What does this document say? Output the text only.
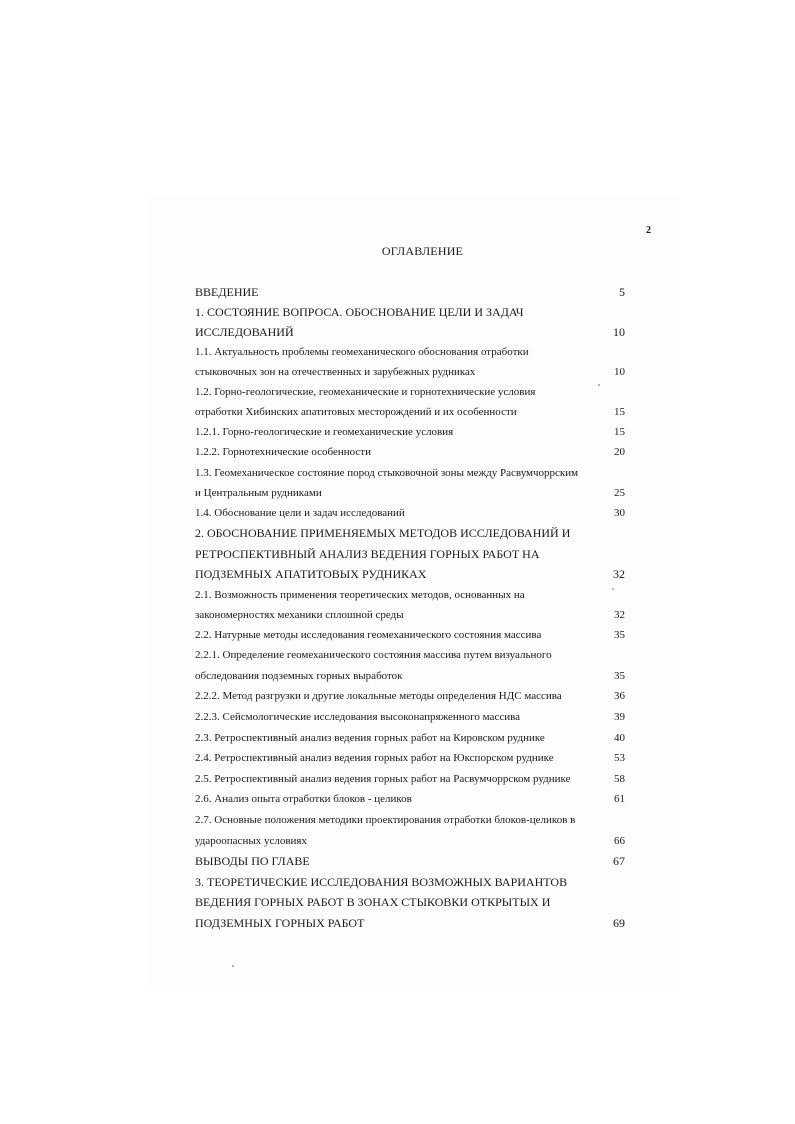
2
ОГЛАВЛЕНИЕ
ВВЕДЕНИЕ	5
1. СОСТОЯНИЕ ВОПРОСА. ОБОСНОВАНИЕ ЦЕЛИ И ЗАДАЧ
ИССЛЕДОВАНИЙ	10
1.1. Актуальность проблемы геомеханического обоснования отработки
стыковочных зон на отечественных и зарубежных рудниках	10
1.2. Горно-геологические, геомеханические и горнотехнические условия
отработки Хибинских апатитовых месторождений и их особенности	15
1.2.1. Горно-геологические и геомеханические условия	15
1.2.2. Горнотехнические особенности	20
1.3. Геомеханическое состояние пород стыковочной зоны между Расвумчоррским
и Центральным рудниками	25
1.4. Обоснование цели и задач исследований	30
2. ОБОСНОВАНИЕ ПРИМЕНЯЕМЫХ МЕТОДОВ ИССЛЕДОВАНИЙ И
РЕТРОСПЕКТИВНЫЙ АНАЛИЗ ВЕДЕНИЯ ГОРНЫХ РАБОТ НА
ПОДЗЕМНЫХ АПАТИТОВЫХ РУДНИКАХ	32
2.1. Возможность применения теоретических методов, основанных на
закономерностях механики сплошной среды	32
2.2. Натурные методы исследования геомеханического состояния массива	35
2.2.1. Определение геомеханического состояния массива путем визуального
обследования подземных горных выработок	35
2.2.2. Метод разгрузки и другие локальные методы определения НДС массива	36
2.2.3. Сейсмологические исследования высоконапряженного массива	39
2.3. Ретроспективный анализ ведения горных работ на Кировском руднике	40
2.4. Ретроспективный анализ ведения горных работ на Юкспорском руднике	53
2.5. Ретроспективный анализ ведения горных работ на Расвумчоррском руднике	58
2.6. Анализ опыта отработки блоков - целиков	61
2.7. Основные положения методики проектирования отработки блоков-целиков в
удароопасных условиях	66
ВЫВОДЫ ПО ГЛАВЕ	67
3. ТЕОРЕТИЧЕСКИЕ ИССЛЕДОВАНИЯ ВОЗМОЖНЫХ ВАРИАНТОВ
ВЕДЕНИЯ ГОРНЫХ РАБОТ В ЗОНАХ СТЫКОВКИ ОТКРЫТЫХ И
ПОДЗЕМНЫХ ГОРНЫХ РАБОТ	69
